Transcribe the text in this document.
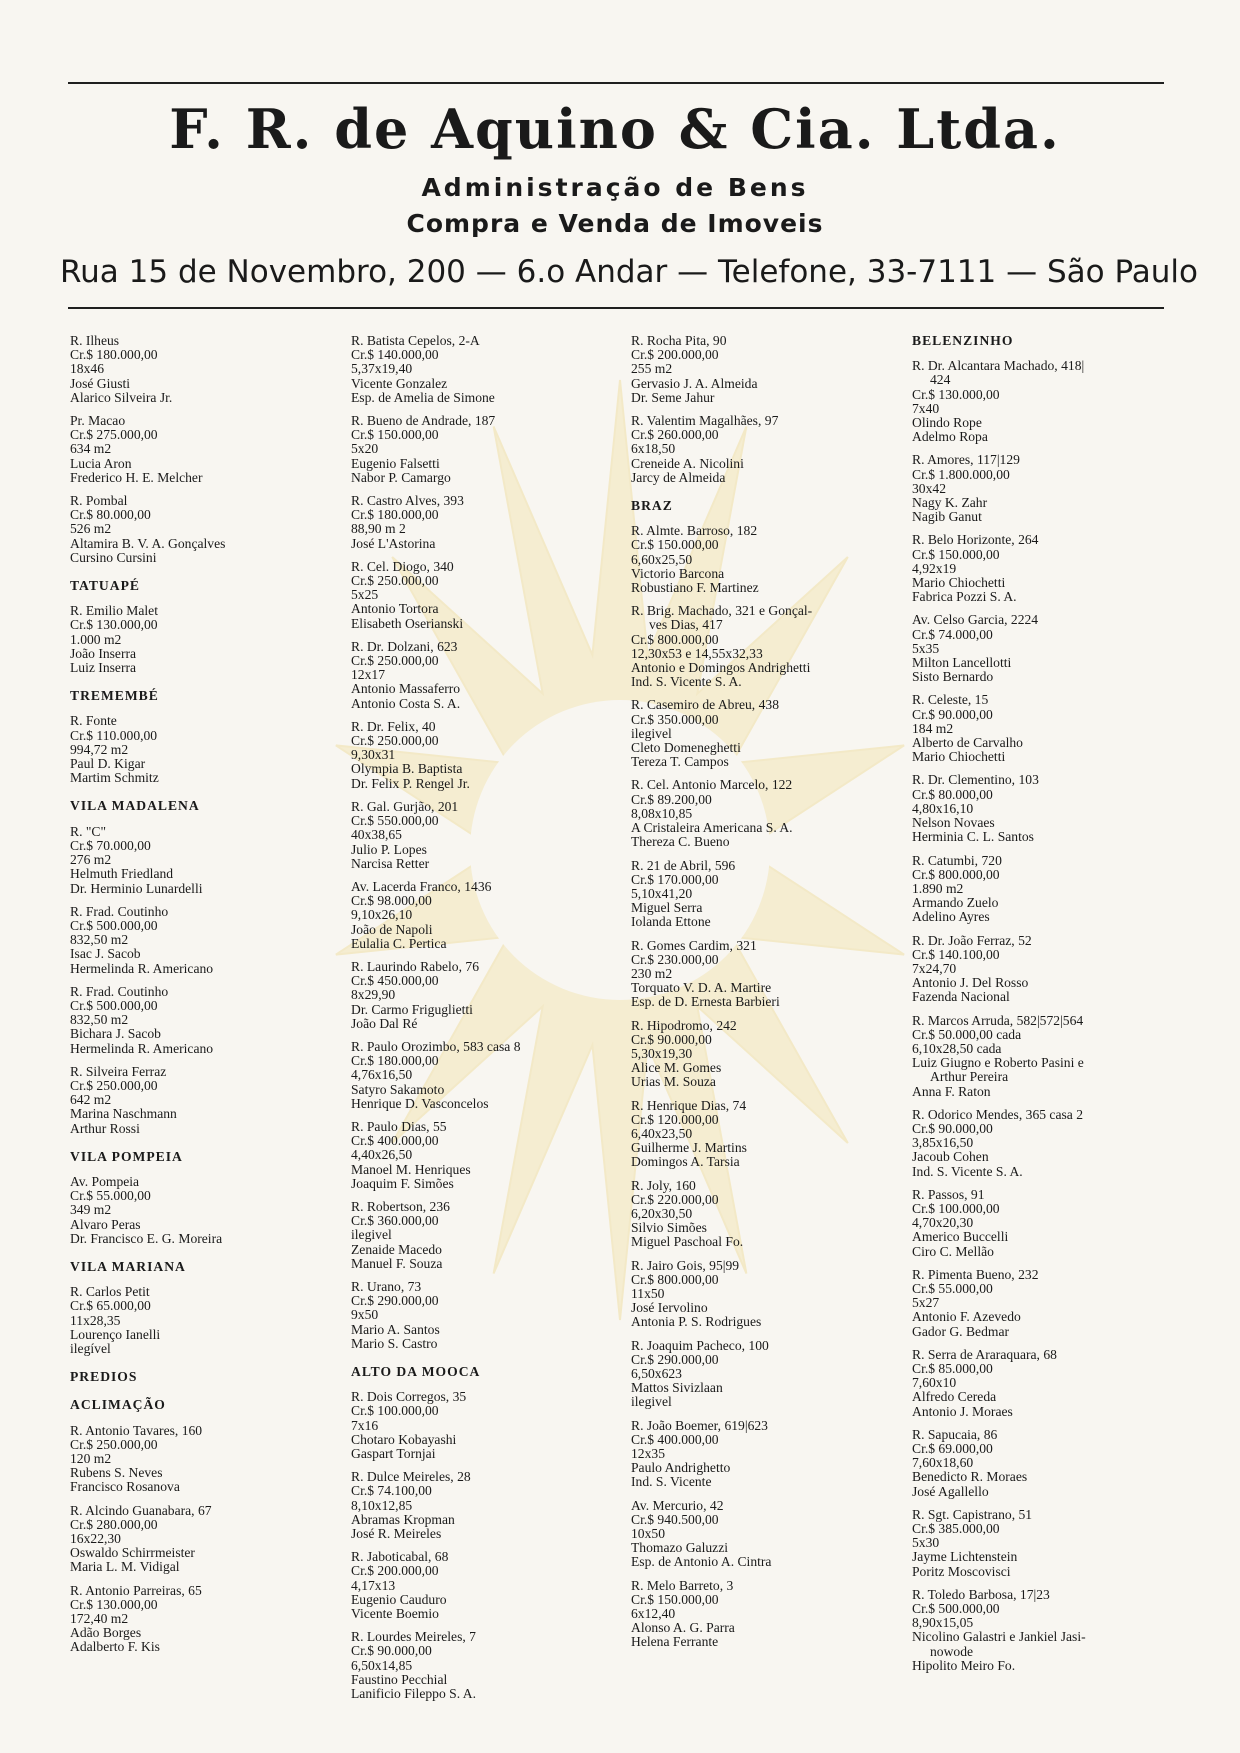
F. R. de Aquino & Cia. Ltda.
Administração de Bens
Compra e Venda de Imoveis
Rua 15 de Novembro, 200 — 6.o Andar — Telefone, 33-7111 — São Paulo
R. Ilheus
Cr.$ 180.000,00
18x46
José Giusti
Alarico Silveira Jr.
Pr. Macao
Cr.$ 275.000,00
634 m2
Lucia Aron
Frederico H. E. Melcher
R. Pombal
Cr.$ 80.000,00
526 m2
Altamira B. V. A. Gonçalves
Cursino Cursini
TATUAPÉ
R. Emilio Malet
Cr.$ 130.000,00
1.000 m2
João Inserra
Luiz Inserra
TREMEMBÉ
R. Fonte
Cr.$ 110.000,00
994,72 m2
Paul D. Kigar
Martim Schmitz
VILA MADALENA
R. "C"
Cr.$ 70.000,00
276 m2
Helmuth Friedland
Dr. Herminio Lunardelli
R. Frad. Coutinho
Cr.$ 500.000,00
832,50 m2
Isac J. Sacob
Hermelinda R. Americano
R. Frad. Coutinho
Cr.$ 500.000,00
832,50 m2
Bichara J. Sacob
Hermelinda R. Americano
R. Silveira Ferraz
Cr.$ 250.000,00
642 m2
Marina Naschmann
Arthur Rossi
VILA POMPEIA
Av. Pompeia
Cr.$ 55.000,00
349 m2
Alvaro Peras
Dr. Francisco E. G. Moreira
VILA MARIANA
R. Carlos Petit
Cr.$ 65.000,00
11x28,35
Lourenço Ianelli
ilegível
PREDIOS
ACLIMAÇÃO
R. Antonio Tavares, 160
Cr.$ 250.000,00
120 m2
Rubens S. Neves
Francisco Rosanova
R. Alcindo Guanabara, 67
Cr.$ 280.000,00
16x22,30
Oswaldo Schirrmeister
Maria L. M. Vidigal
R. Antonio Parreiras, 65
Cr.$ 130.000,00
172,40 m2
Adão Borges
Adalberto F. Kis
R. Batista Cepelos, 2-A
Cr.$ 140.000,00
5,37x19,40
Vicente Gonzalez
Esp. de Amelia de Simone
R. Bueno de Andrade, 187
Cr.$ 150.000,00
5x20
Eugenio Falsetti
Nabor P. Camargo
R. Castro Alves, 393
Cr.$ 180.000,00
88,90 m 2
José L'Astorina
R. Cel. Diogo, 340
Cr.$ 250.000,00
5x25
Antonio Tortora
Elisabeth Oserianski
R. Dr. Dolzani, 623
Cr.$ 250.000,00
12x17
Antonio Massaferro
Antonio Costa S. A.
R. Dr. Felix, 40
Cr.$ 250.000,00
9,30x31
Olympia B. Baptista
Dr. Felix P. Rengel Jr.
R. Gal. Gurjão, 201
Cr.$ 550.000,00
40x38,65
Julio P. Lopes
Narcisa Retter
Av. Lacerda Franco, 1436
Cr.$ 98.000,00
9,10x26,10
João de Napoli
Eulalia C. Pertica
R. Laurindo Rabelo, 76
Cr.$ 450.000,00
8x29,90
Dr. Carmo Friguglietti
João Dal Ré
R. Paulo Orozimbo, 583 casa 8
Cr.$ 180.000,00
4,76x16,50
Satyro Sakamoto
Henrique D. Vasconcelos
R. Paulo Dias, 55
Cr.$ 400.000,00
4,40x26,50
Manoel M. Henriques
Joaquim F. Simões
R. Robertson, 236
Cr.$ 360.000,00
ilegivel
Zenaide Macedo
Manuel F. Souza
R. Urano, 73
Cr.$ 290.000,00
9x50
Mario A. Santos
Mario S. Castro
ALTO DA MOOCA
R. Dois Corregos, 35
Cr.$ 100.000,00
7x16
Chotaro Kobayashi
Gaspart Tornjai
R. Dulce Meireles, 28
Cr.$ 74.100,00
8,10x12,85
Abramas Kropman
José R. Meireles
R. Jaboticabal, 68
Cr.$ 200.000,00
4,17x13
Eugenio Cauduro
Vicente Boemio
R. Lourdes Meireles, 7
Cr.$ 90.000,00
6,50x14,85
Faustino Pecchial
Lanificio Fileppo S. A.
R. Rocha Pita, 90
Cr.$ 200.000,00
255 m2
Gervasio J. A. Almeida
Dr. Seme Jahur
R. Valentim Magalhães, 97
Cr.$ 260.000,00
6x18,50
Creneide A. Nicolini
Jarcy de Almeida
BRAZ
R. Almte. Barroso, 182
Cr.$ 150.000,00
6,60x25,50
Victorio Barcona
Robustiano F. Martinez
R. Brig. Machado, 321 e Gonçal-
ves Dias, 417
Cr.$ 800.000,00
12,30x53 e 14,55x32,33
Antonio e Domingos Andrighetti
Ind. S. Vicente S. A.
R. Casemiro de Abreu, 438
Cr.$ 350.000,00
ilegivel
Cleto Domeneghetti
Tereza T. Campos
R. Cel. Antonio Marcelo, 122
Cr.$ 89.200,00
8,08x10,85
A Cristaleira Americana S. A.
Thereza C. Bueno
R. 21 de Abril, 596
Cr.$ 170.000,00
5,10x41,20
Miguel Serra
Iolanda Ettone
R. Gomes Cardim, 321
Cr.$ 230.000,00
230 m2
Torquato V. D. A. Martire
Esp. de D. Ernesta Barbieri
R. Hipodromo, 242
Cr.$ 90.000,00
5,30x19,30
Alice M. Gomes
Urias M. Souza
R. Henrique Dias, 74
Cr.$ 120.000,00
6,40x23,50
Guilherme J. Martins
Domingos A. Tarsia
R. Joly, 160
Cr.$ 220.000,00
6,20x30,50
Silvio Simões
Miguel Paschoal Fo.
R. Jairo Gois, 95|99
Cr.$ 800.000,00
11x50
José Iervolino
Antonia P. S. Rodrigues
R. Joaquim Pacheco, 100
Cr.$ 290.000,00
6,50x623
Mattos Sivizlaan
ilegivel
R. João Boemer, 619|623
Cr.$ 400.000,00
12x35
Paulo Andrighetto
Ind. S. Vicente
Av. Mercurio, 42
Cr.$ 940.500,00
10x50
Thomazo Galuzzi
Esp. de Antonio A. Cintra
R. Melo Barreto, 3
Cr.$ 150.000,00
6x12,40
Alonso A. G. Parra
Helena Ferrante
BELENZINHO
R. Dr. Alcantara Machado, 418|
424
Cr.$ 130.000,00
7x40
Olindo Rope
Adelmo Ropa
R. Amores, 117|129
Cr.$ 1.800.000,00
30x42
Nagy K. Zahr
Nagib Ganut
R. Belo Horizonte, 264
Cr.$ 150.000,00
4,92x19
Mario Chiochetti
Fabrica Pozzi S. A.
Av. Celso Garcia, 2224
Cr.$ 74.000,00
5x35
Milton Lancellotti
Sisto Bernardo
R. Celeste, 15
Cr.$ 90.000,00
184 m2
Alberto de Carvalho
Mario Chiochetti
R. Dr. Clementino, 103
Cr.$ 80.000,00
4,80x16,10
Nelson Novaes
Herminia C. L. Santos
R. Catumbi, 720
Cr.$ 800.000,00
1.890 m2
Armando Zuelo
Adelino Ayres
R. Dr. João Ferraz, 52
Cr.$ 140.100,00
7x24,70
Antonio J. Del Rosso
Fazenda Nacional
R. Marcos Arruda, 582|572|564
Cr.$ 50.000,00 cada
6,10x28,50 cada
Luiz Giugno e Roberto Pasini e
Arthur Pereira
Anna F. Raton
R. Odorico Mendes, 365 casa 2
Cr.$ 90.000,00
3,85x16,50
Jacoub Cohen
Ind. S. Vicente S. A.
R. Passos, 91
Cr.$ 100.000,00
4,70x20,30
Americo Buccelli
Ciro C. Mellão
R. Pimenta Bueno, 232
Cr.$ 55.000,00
5x27
Antonio F. Azevedo
Gador G. Bedmar
R. Serra de Araraquara, 68
Cr.$ 85.000,00
7,60x10
Alfredo Cereda
Antonio J. Moraes
R. Sapucaia, 86
Cr.$ 69.000,00
7,60x18,60
Benedicto R. Moraes
José Agallello
R. Sgt. Capistrano, 51
Cr.$ 385.000,00
5x30
Jayme Lichtenstein
Poritz Moscovisci
R. Toledo Barbosa, 17|23
Cr.$ 500.000,00
8,90x15,05
Nicolino Galastri e Jankiel Jasi-
nowode
Hipolito Meiro Fo.
